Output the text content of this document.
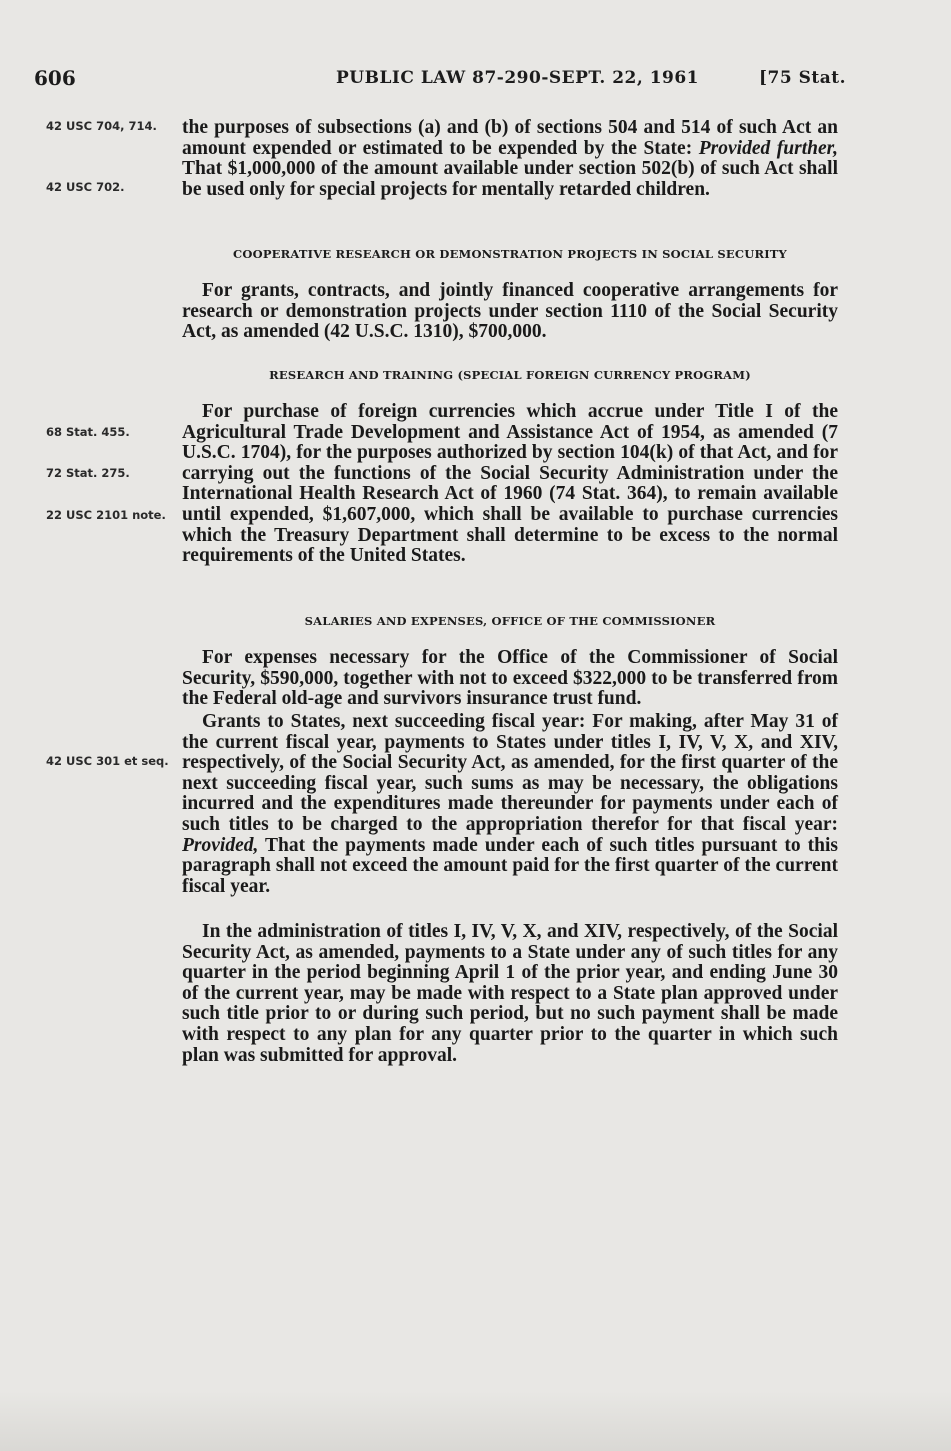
606	PUBLIC LAW 87-290-SEPT. 22, 1961	[75 Stat.
42 USC 704, 714.
42 USC 702.
68 Stat. 455.
72 Stat. 275.
22 USC 2101 note.
42 USC 301 et seq.
the purposes of subsections (a) and (b) of sections 504 and 514 of such Act an amount expended or estimated to be expended by the State: Provided further, That $1,000,000 of the amount available under section 502(b) of such Act shall be used only for special projects for mentally retarded children.
COOPERATIVE RESEARCH OR DEMONSTRATION PROJECTS IN SOCIAL SECURITY
For grants, contracts, and jointly financed cooperative arrangements for research or demonstration projects under section 1110 of the Social Security Act, as amended (42 U.S.C. 1310), $700,000.
RESEARCH AND TRAINING (SPECIAL FOREIGN CURRENCY PROGRAM)
For purchase of foreign currencies which accrue under Title I of the Agricultural Trade Development and Assistance Act of 1954, as amended (7 U.S.C. 1704), for the purposes authorized by section 104(k) of that Act, and for carrying out the functions of the Social Security Administration under the International Health Research Act of 1960 (74 Stat. 364), to remain available until expended, $1,607,000, which shall be available to purchase currencies which the Treasury Department shall determine to be excess to the normal requirements of the United States.
SALARIES AND EXPENSES, OFFICE OF THE COMMISSIONER
For expenses necessary for the Office of the Commissioner of Social Security, $590,000, together with not to exceed $322,000 to be transferred from the Federal old-age and survivors insurance trust fund.
Grants to States, next succeeding fiscal year: For making, after May 31 of the current fiscal year, payments to States under titles I, IV, V, X, and XIV, respectively, of the Social Security Act, as amended, for the first quarter of the next succeeding fiscal year, such sums as may be necessary, the obligations incurred and the expenditures made thereunder for payments under each of such titles to be charged to the appropriation therefor for that fiscal year: Provided, That the payments made under each of such titles pursuant to this paragraph shall not exceed the amount paid for the first quarter of the current fiscal year.
In the administration of titles I, IV, V, X, and XIV, respectively, of the Social Security Act, as amended, payments to a State under any of such titles for any quarter in the period beginning April 1 of the prior year, and ending June 30 of the current year, may be made with respect to a State plan approved under such title prior to or during such period, but no such payment shall be made with respect to any plan for any quarter prior to the quarter in which such plan was submitted for approval.
